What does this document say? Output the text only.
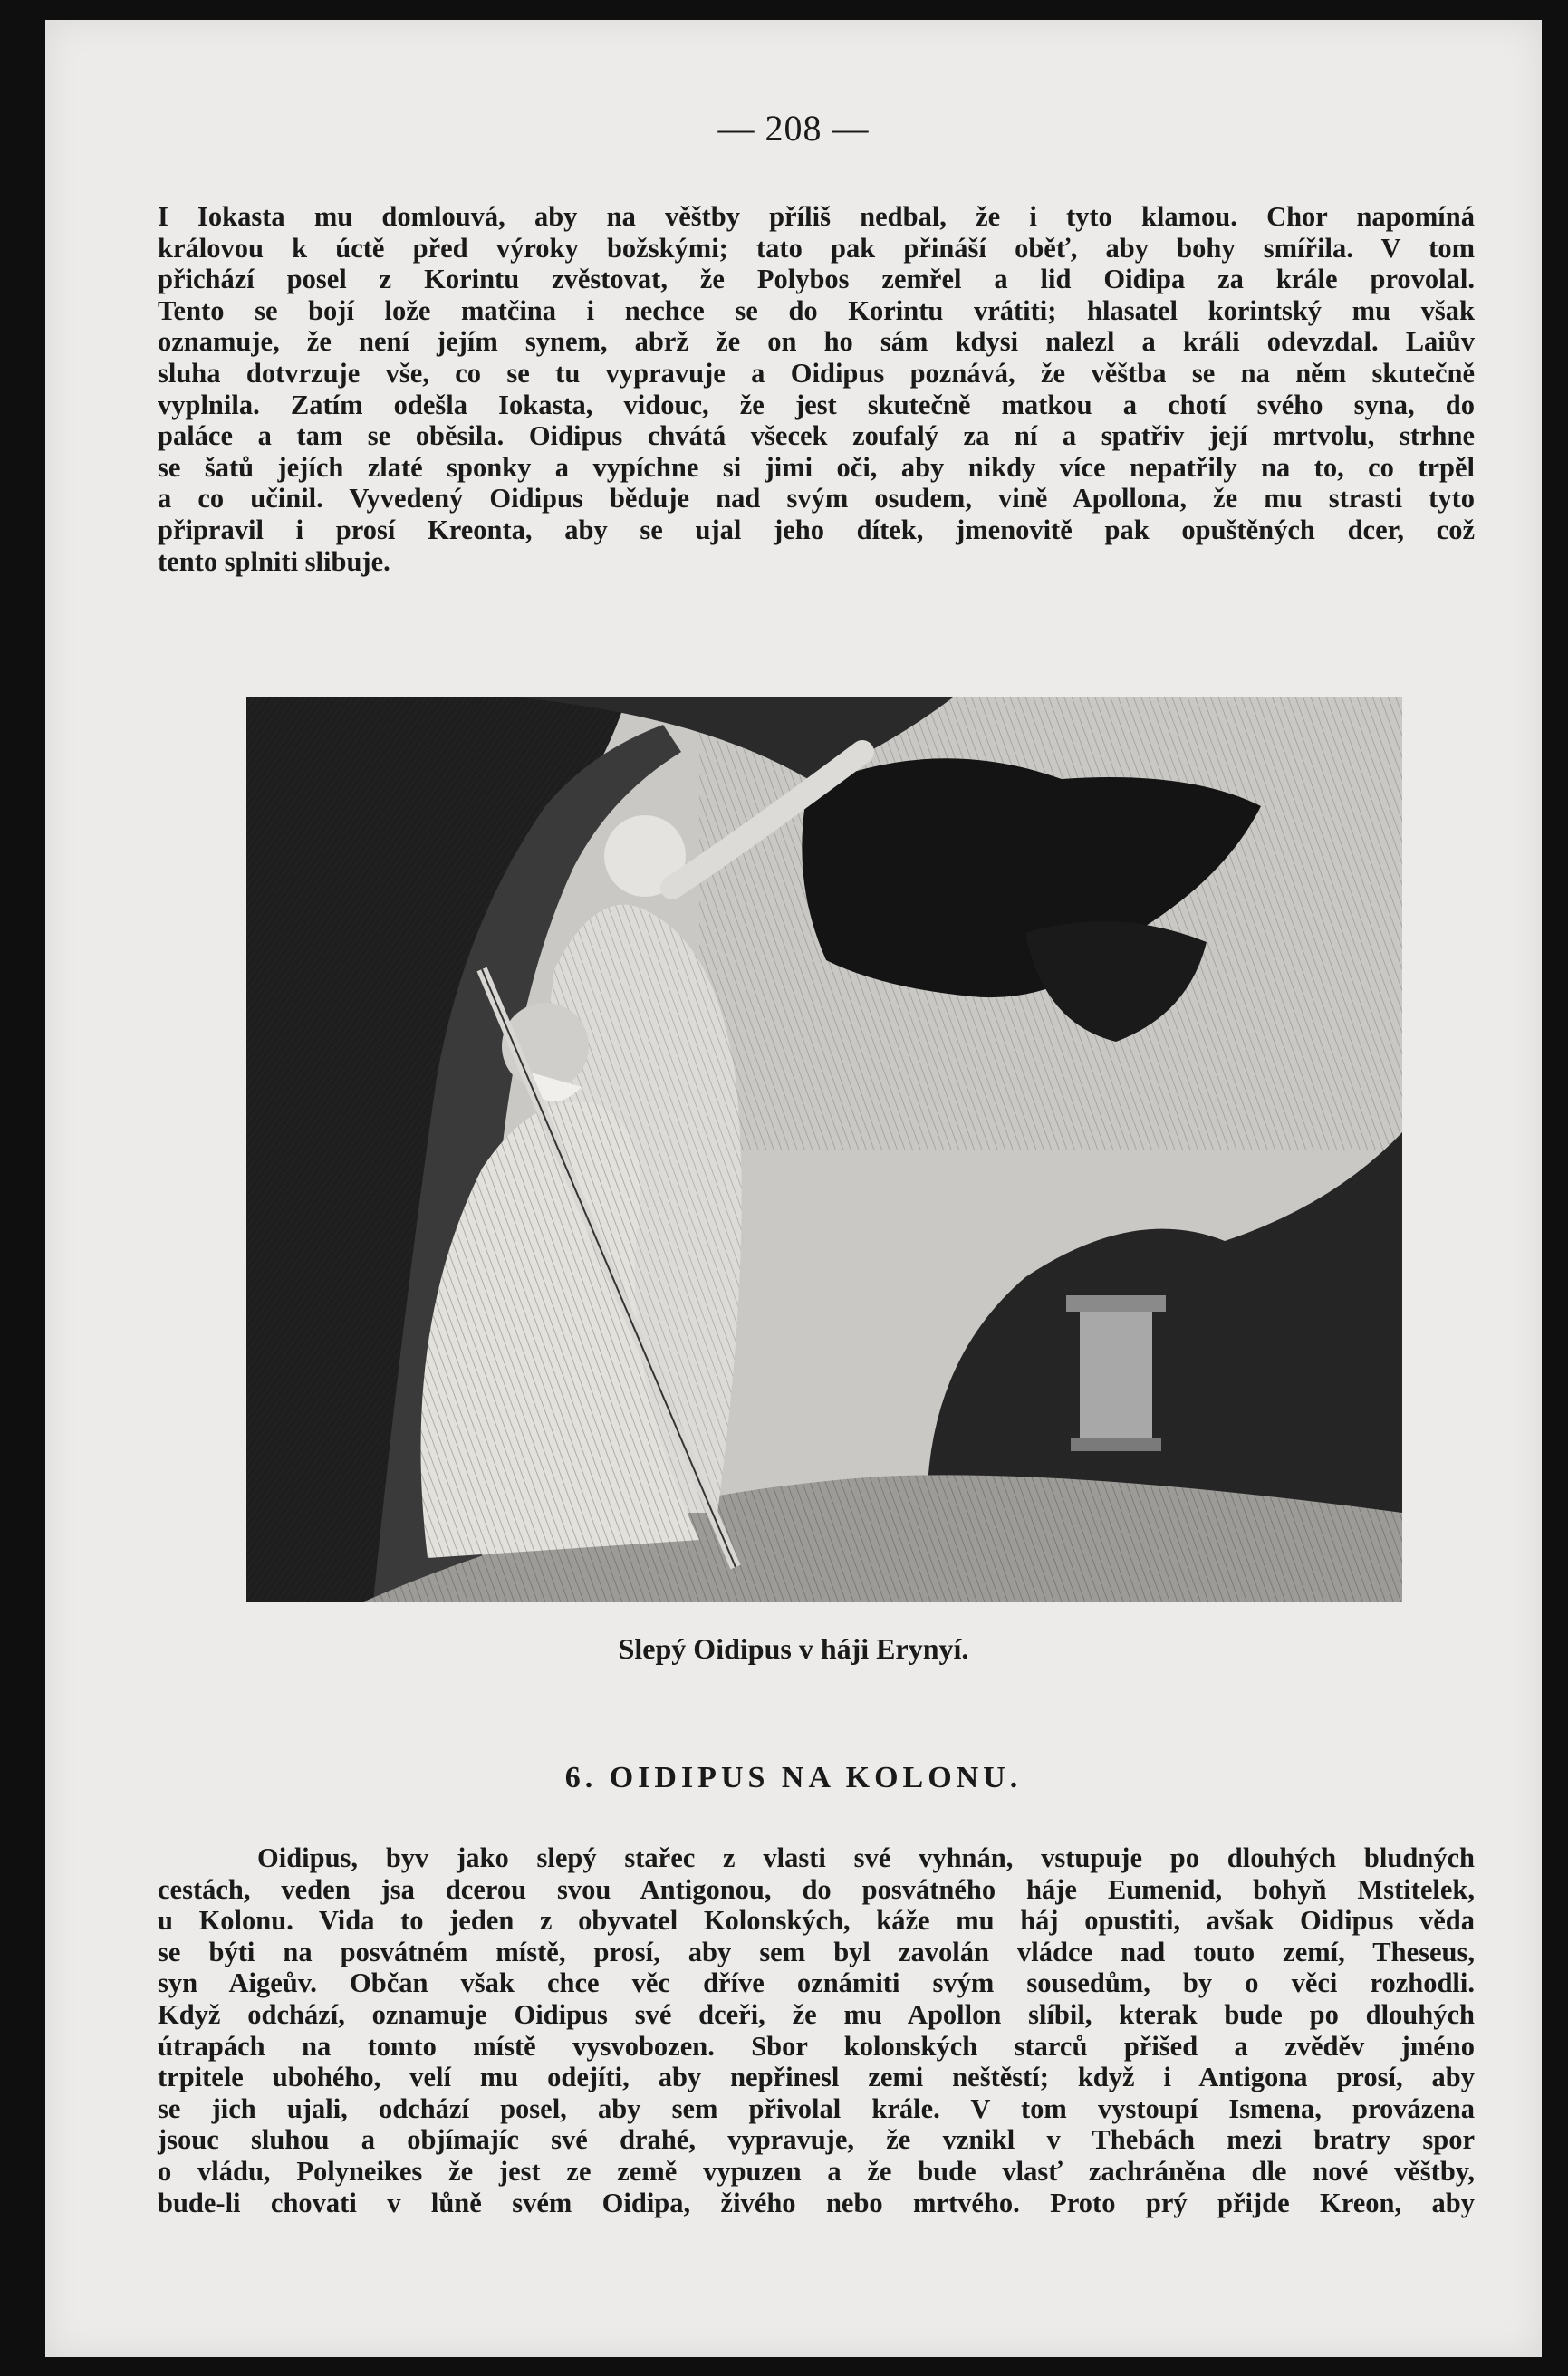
— 208 —

I Iokasta mu domlouvá, aby na věštby příliš nedbal, že i tyto klamou. Chor napomíná

královou k úctě před výroky božskými; tato pak přináší oběť, aby bohy smířila. V tom

přichází posel z Korintu zvěstovat, že Polybos zemřel a lid Oidipa za krále provolal.

Tento se bojí lože matčina i nechce se do Korintu vrátiti; hlasatel korintský mu však

oznamuje, že není jejím synem, abrž že on ho sám kdysi nalezl a králi odevzdal. Laiův

sluha dotvrzuje vše, co se tu vypravuje a Oidipus poznává, že věštba se na něm skutečně

vyplnila. Zatím odešla Iokasta, vidouc, že jest skutečně matkou a chotí svého syna, do

paláce a tam se oběsila. Oidipus chvátá všecek zoufalý za ní a spatřiv její mrtvolu, strhne

se šatů jejích zlaté sponky a vypíchne si jimi oči, aby nikdy více nepatřily na to, co trpěl

a co učinil. Vyvedený Oidipus běduje nad svým osudem, vině Apollona, že mu strasti tyto

připravil i prosí Kreonta, aby se ujal jeho dítek, jmenovitě pak opuštěných dcer, což

tento splniti slibuje.

Slepý Oidipus v háji Erynyí.
6. OIDIPUS NA KOLONU.

Oidipus, byv jako slepý stařec z vlasti své vyhnán, vstupuje po dlouhých bludných

cestách, veden jsa dcerou svou Antigonou, do posvátného háje Eumenid, bohyň Mstitelek,

u Kolonu. Vida to jeden z obyvatel Kolonských, káže mu háj opustiti, avšak Oidipus věda

se býti na posvátném místě, prosí, aby sem byl zavolán vládce nad touto zemí, Theseus,

syn Aigeův. Občan však chce věc dříve oznámiti svým sousedům, by o věci rozhodli.

Když odchází, oznamuje Oidipus své dceři, že mu Apollon slíbil, kterak bude po dlouhých

útrapách na tomto místě vysvobozen. Sbor kolonských starců přišed a zvěděv jméno

trpitele ubohého, velí mu odejíti, aby nepřinesl zemi neštěstí; když i Antigona prosí, aby

se jich ujali, odchází posel, aby sem přivolal krále. V tom vystoupí Ismena, provázena

jsouc sluhou a objímajíc své drahé, vypravuje, že vznikl v Thebách mezi bratry spor

o vládu, Polyneikes že jest ze země vypuzen a že bude vlasť zachráněna dle nové věštby,

bude-li chovati v lůně svém Oidipa, živého nebo mrtvého. Proto prý přijde Kreon, aby
